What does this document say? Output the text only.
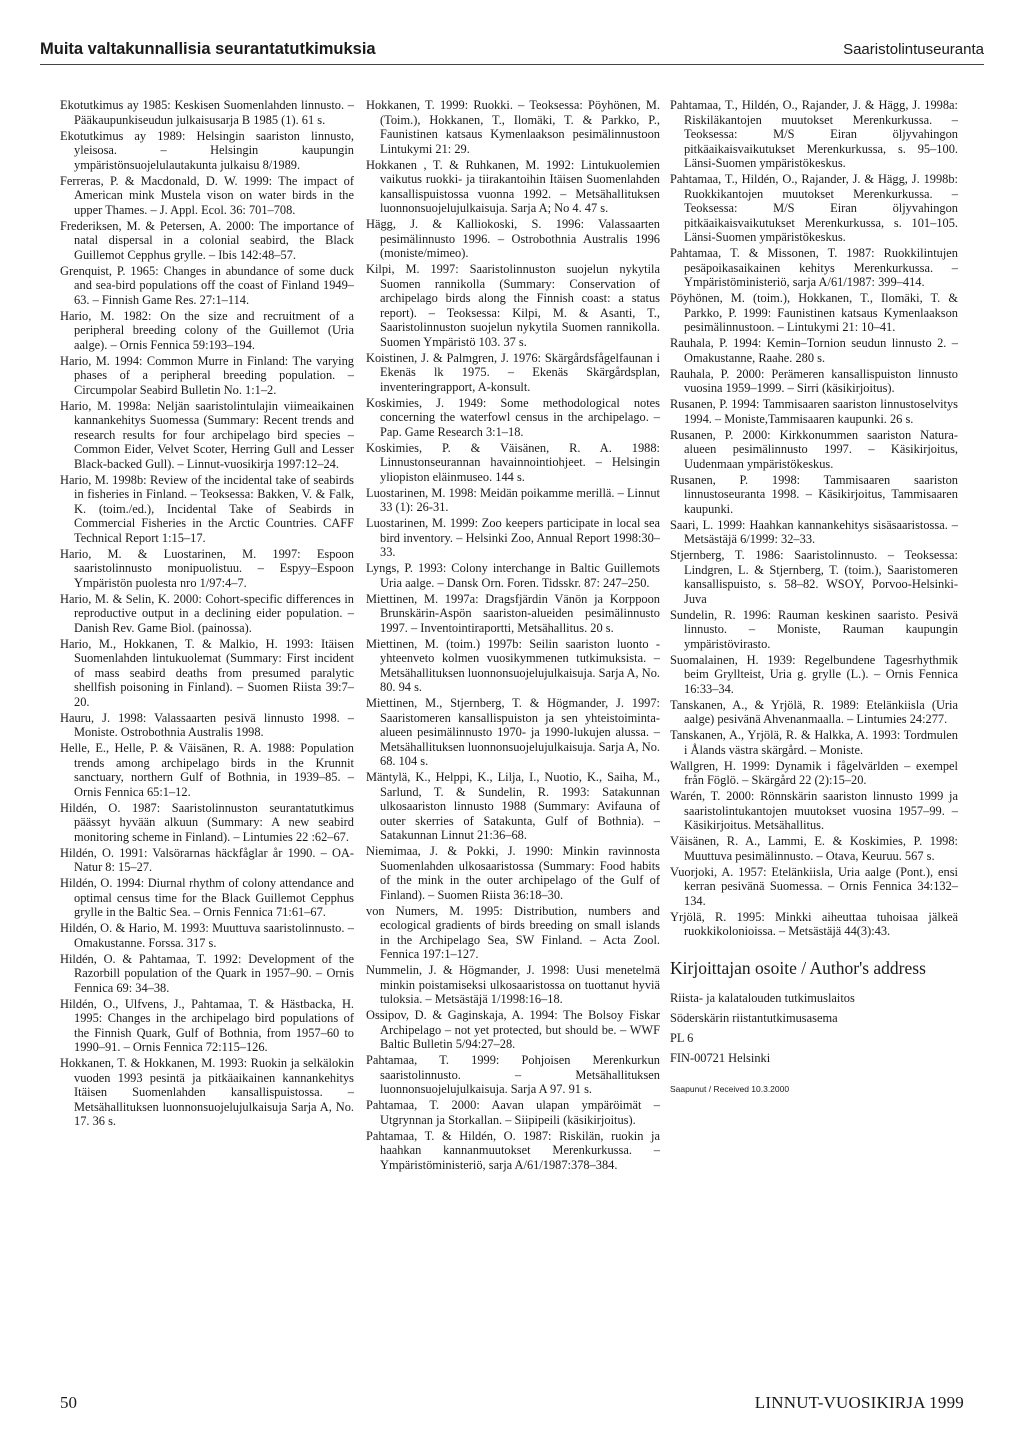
Muita valtakunnallisia seurantatutkimuksia	Saaristolintuseuranta

Ekotutkimus ay 1985: Keskisen Suomenlahden linnusto. – Pääkaupunkiseudun julkaisusarja B 1985 (1). 61 s.

Ekotutkimus ay 1989: Helsingin saariston linnusto, yleisosa. – Helsingin kaupungin ympäristönsuojelulautakunta julkaisu 8/1989.

Ferreras, P. & Macdonald, D. W. 1999: The impact of American mink Mustela vison on water birds in the upper Thames. – J. Appl. Ecol. 36: 701–708.

Frederiksen, M. & Petersen, A. 2000: The importance of natal dispersal in a colonial seabird, the Black Guillemot Cepphus grylle. – Ibis 142:48–57.

Grenquist, P. 1965: Changes in abundance of some duck and sea-bird populations off the coast of Finland 1949–63. – Finnish Game Res. 27:1–114.

Hario, M. 1982: On the size and recruitment of a peripheral breeding colony of the Guillemot (Uria aalge). – Ornis Fennica 59:193–194.

Hario, M. 1994: Common Murre in Finland: The varying phases of a peripheral breeding population. – Circumpolar Seabird Bulletin No. 1:1–2.

Hario, M. 1998a: Neljän saaristolintulajin viimeaikainen kannankehitys Suomessa (Summary: Recent trends and research results for four archipelago bird species – Common Eider, Velvet Scoter, Herring Gull and Lesser Black-backed Gull). – Linnut-vuosikirja 1997:12–24.

Hario, M. 1998b: Review of the incidental take of seabirds in fisheries in Finland. – Teoksessa: Bakken, V. & Falk, K. (toim./ed.), Incidental Take of Seabirds in Commercial Fisheries in the Arctic Countries. CAFF Technical Report 1:15–17.

Hario, M. & Luostarinen, M. 1997: Espoon saaristolinnusto monipuolistuu. – Espyy–Espoon Ympäristön puolesta nro 1/97:4–7.

Hario, M. & Selin, K. 2000: Cohort-specific differences in reproductive output in a declining eider population. – Danish Rev. Game Biol. (painossa).

Hario, M., Hokkanen, T. & Malkio, H. 1993: Itäisen Suomenlahden lintukuolemat (Summary: First incident of mass seabird deaths from presumed paralytic shellfish poisoning in Finland). – Suomen Riista 39:7–20.

Hauru, J. 1998: Valassaarten pesivä linnusto 1998. – Moniste. Ostrobothnia Australis 1998.

Helle, E., Helle, P. & Väisänen, R. A. 1988: Population trends among archipelago birds in the Krunnit sanctuary, northern Gulf of Bothnia, in 1939–85. – Ornis Fennica 65:1–12.

Hildén, O. 1987: Saaristolinnuston seurantatutkimus päässyt hyvään alkuun (Summary: A new seabird monitoring scheme in Finland). – Lintumies 22 :62–67.

Hildén, O. 1991: Valsörarnas häckfåglar år 1990. – OA-Natur 8: 15–27.

Hildén, O. 1994: Diurnal rhythm of colony attendance and optimal census time for the Black Guillemot Cepphus grylle in the Baltic Sea. – Ornis Fennica 71:61–67.

Hildén, O. & Hario, M. 1993: Muuttuva saaristolinnusto. – Omakustanne. Forssa. 317 s.

Hildén, O. & Pahtamaa, T. 1992: Development of the Razorbill population of the Quark in 1957–90. – Ornis Fennica 69: 34–38.

Hildén, O., Ulfvens, J., Pahtamaa, T. & Hästbacka, H. 1995: Changes in the archipelago bird populations of the Finnish Quark, Gulf of Bothnia, from 1957–60 to 1990–91. – Ornis Fennica 72:115–126.

Hokkanen, T. & Hokkanen, M. 1993: Ruokin ja selkälokin vuoden 1993 pesintä ja pitkäaikainen kannankehitys Itäisen Suomenlahden kansallispuistossa. – Metsähallituksen luonnonsuojelujulkaisuja Sarja A, No. 17. 36 s.

Hokkanen, T. 1999: Ruokki. – Teoksessa: Pöyhönen, M. (Toim.), Hokkanen, T., Ilomäki, T. & Parkko, P., Faunistinen katsaus Kymenlaakson pesimälinnustoon Lintukymi 21: 29.

Hokkanen , T. & Ruhkanen, M. 1992: Lintukuolemien vaikutus ruokki- ja tiirakantoihin Itäisen Suomenlahden kansallispuistossa vuonna 1992. – Metsähallituksen luonnonsuojelujulkaisuja. Sarja A; No 4. 47 s.

Hägg, J. & Kalliokoski, S. 1996: Valassaarten pesimälinnusto 1996. – Ostrobothnia Australis 1996 (moniste/mimeo).

Kilpi, M. 1997: Saaristolinnuston suojelun nykytila Suomen rannikolla (Summary: Conservation of archipelago birds along the Finnish coast: a status report). – Teoksessa: Kilpi, M. & Asanti, T., Saaristolinnuston suojelun nykytila Suomen rannikolla. Suomen Ympäristö 103. 37 s.

Koistinen, J. & Palmgren, J. 1976: Skärgårdsfågelfaunan i Ekenäs lk 1975. – Ekenäs Skärgårdsplan, inventeringrapport, A-konsult.

Koskimies, J. 1949: Some methodological notes concerning the waterfowl census in the archipelago. – Pap. Game Research 3:1–18.

Koskimies, P. & Väisänen, R. A. 1988: Linnustonseurannan havainnointiohjeet. – Helsingin yliopiston eläinmuseo. 144 s.

Luostarinen, M. 1998: Meidän poikamme merillä. – Linnut 33 (1): 26-31.

Luostarinen, M. 1999: Zoo keepers participate in local sea bird inventory. – Helsinki Zoo, Annual Report 1998:30–33.

Lyngs, P. 1993: Colony interchange in Baltic Guillemots Uria aalge. – Dansk Orn. Foren. Tidsskr. 87: 247–250.

Miettinen, M. 1997a: Dragsfjärdin Vänön ja Korppoon Brunskärin-Aspön saariston-alueiden pesimälinnusto 1997. – Inventointiraportti, Metsähallitus. 20 s.

Miettinen, M. (toim.) 1997b: Seilin saariston luonto - yhteenveto kolmen vuosikymmenen tutkimuksista. – Metsähallituksen luonnonsuojelujulkaisuja. Sarja A, No. 80. 94 s.

Miettinen, M., Stjernberg, T. & Högmander, J. 1997: Saaristomeren kansallispuiston ja sen yhteistoiminta-alueen pesimälinnusto 1970- ja 1990-lukujen alussa. – Metsähallituksen luonnonsuojelujulkaisuja. Sarja A, No. 68. 104 s.

Mäntylä, K., Helppi, K., Lilja, I., Nuotio, K., Saiha, M., Sarlund, T. & Sundelin, R. 1993: Satakunnan ulkosaariston linnusto 1988 (Summary: Avifauna of outer skerries of Satakunta, Gulf of Bothnia). – Satakunnan Linnut 21:36–68.

Niemimaa, J. & Pokki, J. 1990: Minkin ravinnosta Suomenlahden ulkosaaristossa (Summary: Food habits of the mink in the outer archipelago of the Gulf of Finland). – Suomen Riista 36:18–30.

von Numers, M. 1995: Distribution, numbers and ecological gradients of birds breeding on small islands in the Archipelago Sea, SW Finland. – Acta Zool. Fennica 197:1–127.

Nummelin, J. & Högmander, J. 1998: Uusi menetelmä minkin poistamiseksi ulkosaaristossa on tuottanut hyviä tuloksia. – Metsästäjä 1/1998:16–18.

Ossipov, D. & Gaginskaja, A. 1994: The Bolsoy Fiskar Archipelago – not yet protected, but should be. – WWF Baltic Bulletin 5/94:27–28.

Pahtamaa, T. 1999: Pohjoisen Merenkurkun saaristolinnusto. – Metsähallituksen luonnonsuojelujulkaisuja. Sarja A 97. 91 s.

Pahtamaa, T. 2000: Aavan ulapan ympäröimät – Utgrynnan ja Storkallan. – Siipipeili (käsikirjoitus).

Pahtamaa, T. & Hildén, O. 1987: Riskilän, ruokin ja haahkan kannanmuutokset Merenkurkussa. – Ympäristöministeriö, sarja A/61/1987:378–384.

Pahtamaa, T., Hildén, O., Rajander, J. & Hägg, J. 1998a: Riskiläkantojen muutokset Merenkurkussa. – Teoksessa: M/S Eiran öljyvahingon pitkäaikaisvaikutukset Merenkurkussa, s. 95–100. Länsi-Suomen ympäristökeskus.

Pahtamaa, T., Hildén, O., Rajander, J. & Hägg, J. 1998b: Ruokkikantojen muutokset Merenkurkussa. – Teoksessa: M/S Eiran öljyvahingon pitkäaikaisvaikutukset Merenkurkussa, s. 101–105. Länsi-Suomen ympäristökeskus.

Pahtamaa, T. & Missonen, T. 1987: Ruokkilintujen pesäpoikasaikainen kehitys Merenkurkussa. – Ympäristöministeriö, sarja A/61/1987: 399–414.

Pöyhönen, M. (toim.), Hokkanen, T., Ilomäki, T. & Parkko, P. 1999: Faunistinen katsaus Kymenlaakson pesimälinnustoon. – Lintukymi 21: 10–41.

Rauhala, P. 1994: Kemin–Tornion seudun linnusto 2. – Omakustanne, Raahe. 280 s.

Rauhala, P. 2000: Perämeren kansallispuiston linnusto vuosina 1959–1999. – Sirri (käsikirjoitus).

Rusanen, P. 1994: Tammisaaren saariston linnustoselvitys 1994. – Moniste,Tammisaaren kaupunki. 26 s.

Rusanen, P. 2000: Kirkkonummen saariston Natura-alueen pesimälinnusto 1997. – Käsikirjoitus, Uudenmaan ympäristökeskus.

Rusanen, P. 1998: Tammisaaren saariston linnustoseuranta 1998. – Käsikirjoitus, Tammisaaren kaupunki.

Saari, L. 1999: Haahkan kannankehitys sisäsaaristossa. – Metsästäjä 6/1999: 32–33.

Stjernberg, T. 1986: Saaristolinnusto. – Teoksessa: Lindgren, L. & Stjernberg, T. (toim.), Saaristomeren kansallispuisto, s. 58–82. WSOY, Porvoo-Helsinki-Juva

Sundelin, R. 1996: Rauman keskinen saaristo. Pesivä linnusto. – Moniste, Rauman kaupungin ympäristövirasto.

Suomalainen, H. 1939: Regelbundene Tagesrhythmik beim Gryllteist, Uria g. grylle (L.). – Ornis Fennica 16:33–34.

Tanskanen, A., & Yrjölä, R. 1989: Etelänkiisla (Uria aalge) pesivänä Ahvenanmaalla. – Lintumies 24:277.

Tanskanen, A., Yrjölä, R. & Halkka, A. 1993: Tordmulen i Ålands västra skärgård. – Moniste.

Wallgren, H. 1999: Dynamik i fågelvärlden – exempel från Föglö. – Skärgård 22 (2):15–20.

Warén, T. 2000: Rönnskärin saariston linnusto 1999 ja saaristolintukantojen muutokset vuosina 1957–99. – Käsikirjoitus. Metsähallitus.

Väisänen, R. A., Lammi, E. & Koskimies, P. 1998: Muuttuva pesimälinnusto. – Otava, Keuruu. 567 s.

Vuorjoki, A. 1957: Etelänkiisla, Uria aalge (Pont.), ensi kerran pesivänä Suomessa. – Ornis Fennica 34:132–134.

Yrjölä, R. 1995: Minkki aiheuttaa tuhoisaa jälkeä ruokkikolonioissa. – Metsästäjä 44(3):43.

Kirjoittajan osoite / Author's address
Riista- ja kalatalouden tutkimuslaitos
Söderskärin riistantutkimusasema
PL 6
FIN-00721 Helsinki
Saapunut / Received 10.3.2000
50	LINNUT-VUOSIKIRJA 1999
